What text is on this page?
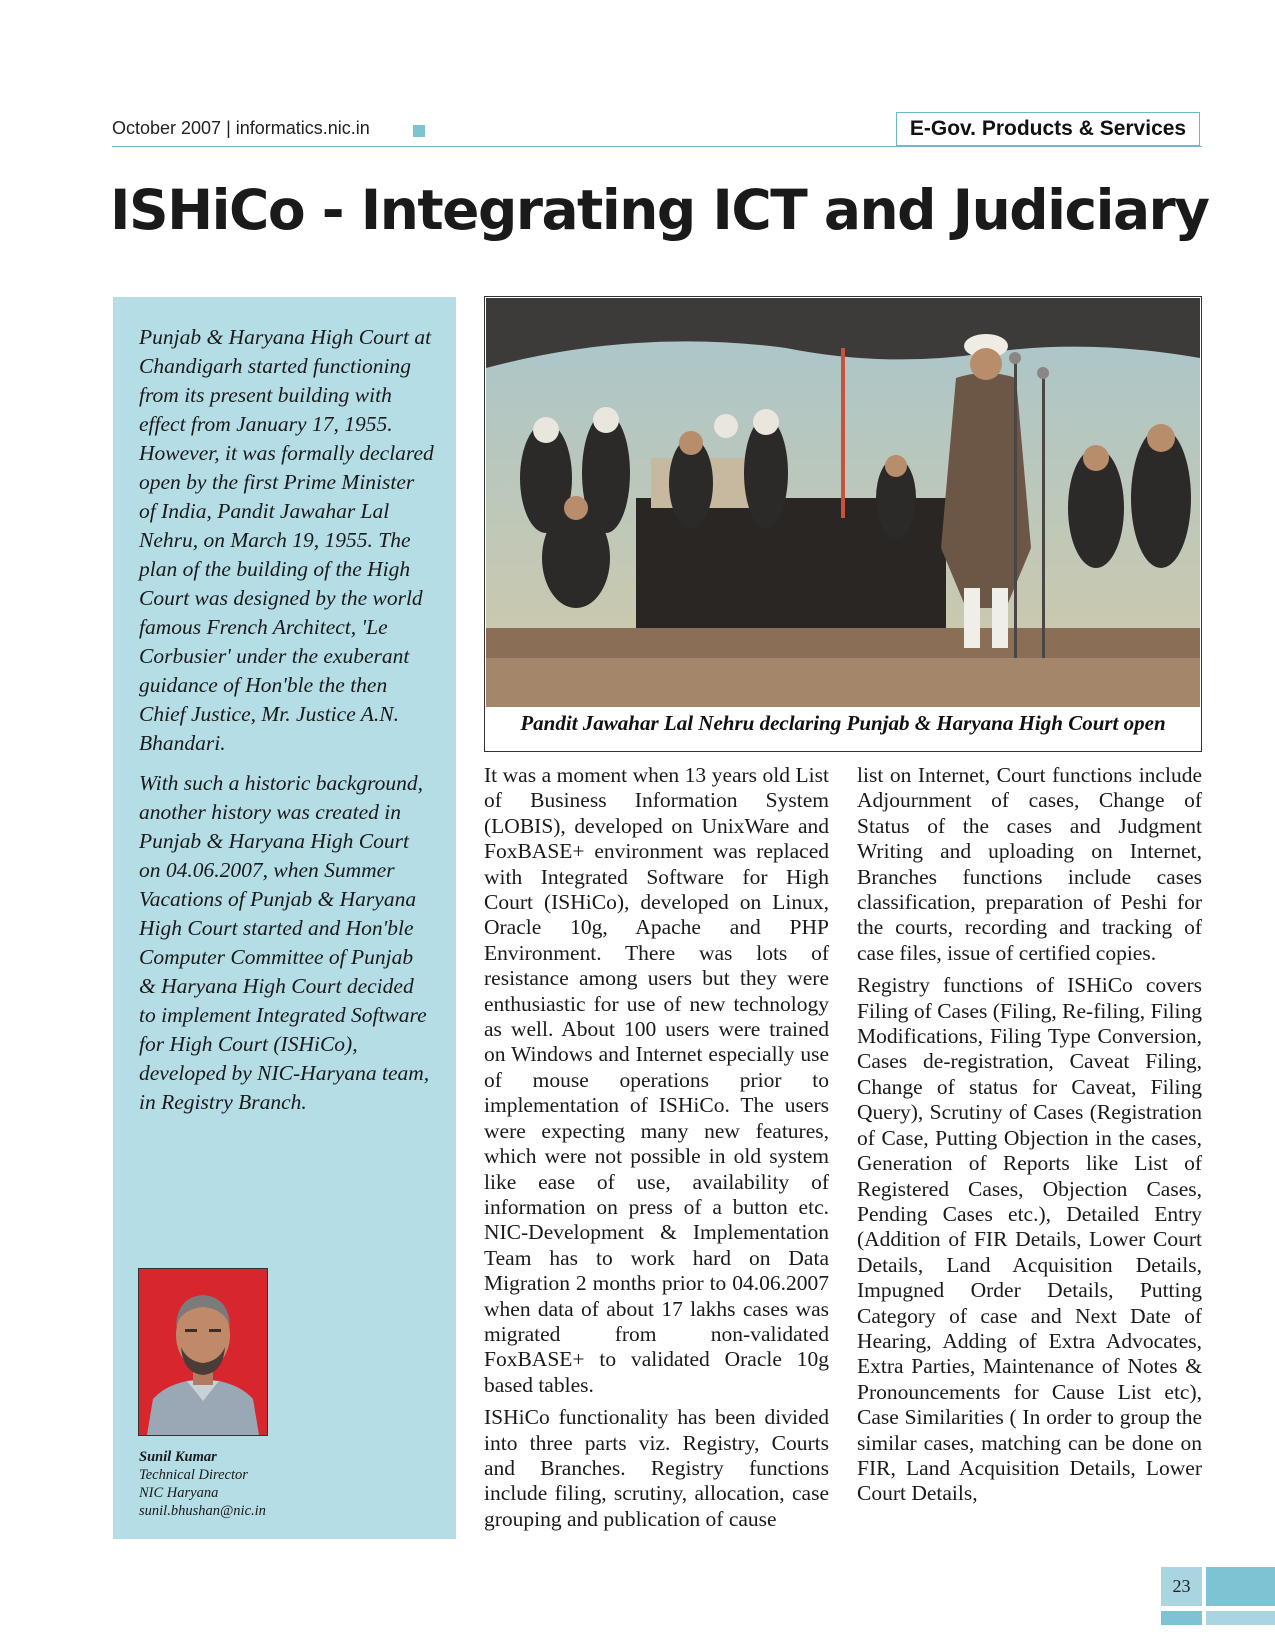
October 2007 | informatics.nic.in	E-Gov. Products & Services
ISHiCo - Integrating ICT and Judiciary

Punjab & Haryana High Court at Chandigarh started functioning from its present building with effect from January 17, 1955. However, it was formally declared open by the first Prime Minister of India, Pandit Jawahar Lal Nehru, on March 19, 1955. The plan of the building of the High Court was designed by the world famous French Architect, 'Le Corbusier' under the exuberant guidance of Hon'ble the then Chief Justice, Mr. Justice A.N. Bhandari.

With such a historic background, another history was created in Punjab & Haryana High Court on 04.06.2007, when Summer Vacations of Punjab & Haryana High Court started and Hon'ble Computer Committee of Punjab & Haryana High Court decided to implement Integrated Software for High Court (ISHiCo), developed by NIC-Haryana team, in Registry Branch.

Sunil Kumar
Technical Director
NIC Haryana
sunil.bhushan@nic.in
Pandit Jawahar Lal Nehru declaring Punjab & Haryana High Court open

It was a moment when 13 years old List of Business Information System (LOBIS), developed on UnixWare and FoxBASE+ environment was replaced with Integrated Software for High Court (ISHiCo), developed on Linux, Oracle 10g, Apache and PHP Environment. There was lots of resistance among users but they were enthusiastic for use of new technology as well. About 100 users were trained on Windows and Internet especially use of mouse operations prior to implementation of ISHiCo. The users were expecting many new features, which were not possible in old system like ease of use, availability of information on press of a button etc. NIC-Development & Implementation Team has to work hard on Data Migration 2 months prior to 04.06.2007 when data of about 17 lakhs cases was migrated from non-validated FoxBASE+ to validated Oracle 10g based tables.

ISHiCo functionality has been divided into three parts viz. Registry, Courts and Branches. Registry functions include filing, scrutiny, allocation, case grouping and publication of cause

list on Internet, Court functions include Adjournment of cases, Change of Status of the cases and Judgment Writing and uploading on Internet, Branches functions include cases classification, preparation of Peshi for the courts, recording and tracking of case files, issue of certified copies.

Registry functions of ISHiCo covers Filing of Cases (Filing, Re-filing, Filing Modifications, Filing Type Conversion, Cases de-registration, Caveat Filing, Change of status for Caveat, Filing Query), Scrutiny of Cases (Registration of Case, Putting Objection in the cases, Generation of Reports like List of Registered Cases, Objection Cases, Pending Cases etc.), Detailed Entry (Addition of FIR Details, Lower Court Details, Land Acquisition Details, Impugned Order Details, Putting Category of case and Next Date of Hearing, Adding of Extra Advocates, Extra Parties, Maintenance of Notes & Pronouncements for Cause List etc), Case Similarities ( In order to group the similar cases, matching can be done on FIR, Land Acquisition Details, Lower Court Details,

23
